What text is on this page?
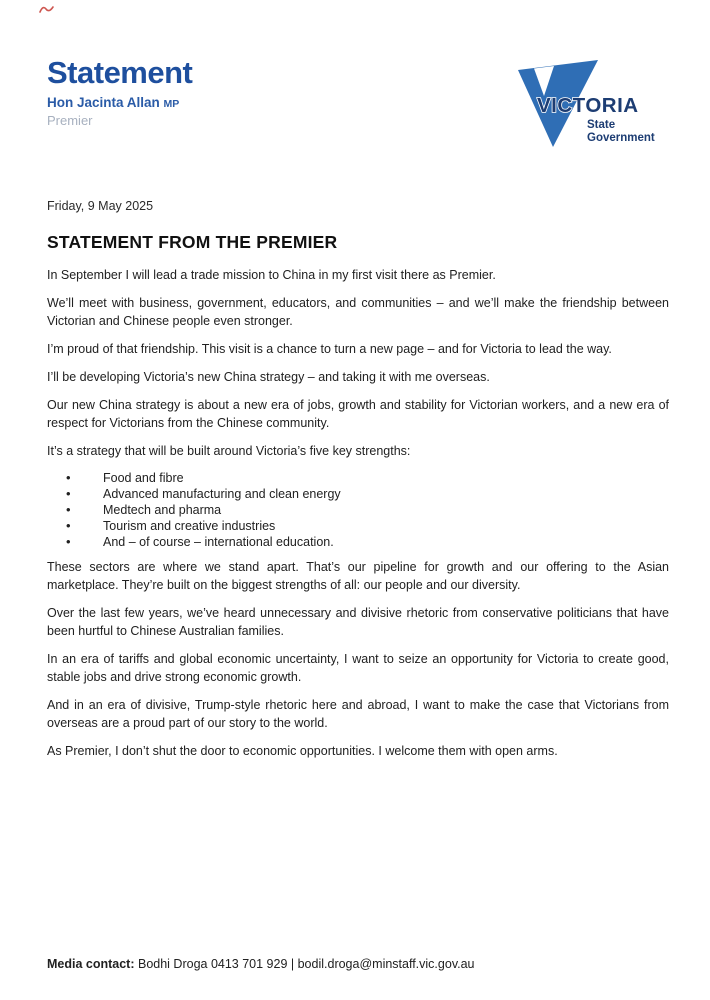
Statement
Hon Jacinta Allan MP
Premier
VICTORIA
State
Government
Friday, 9 May 2025
STATEMENT FROM THE PREMIER

In September I will lead a trade mission to China in my first visit there as Premier.

We’ll meet with business, government, educators, and communities – and we’ll make the friendship between Victorian and Chinese people even stronger.

I’m proud of that friendship. This visit is a chance to turn a new page – and for Victoria to lead the way.

I’ll be developing Victoria’s new China strategy – and taking it with me overseas.

Our new China strategy is about a new era of jobs, growth and stability for Victorian workers, and a new era of respect for Victorians from the Chinese community.

It’s a strategy that will be built around Victoria’s five key strengths:

• Food and fibre
• Advanced manufacturing and clean energy
• Medtech and pharma
• Tourism and creative industries
• And – of course – international education.

These sectors are where we stand apart. That’s our pipeline for growth and our offering to the Asian marketplace. They’re built on the biggest strengths of all: our people and our diversity.

Over the last few years, we’ve heard unnecessary and divisive rhetoric from conservative politicians that have been hurtful to Chinese Australian families.

In an era of tariffs and global economic uncertainty, I want to seize an opportunity for Victoria to create good, stable jobs and drive strong economic growth.

And in an era of divisive, Trump-style rhetoric here and abroad, I want to make the case that Victorians from overseas are a proud part of our story to the world.

As Premier, I don’t shut the door to economic opportunities. I welcome them with open arms.

Media contact: Bodhi Droga 0413 701 929 | bodil.droga@minstaff.vic.gov.au
